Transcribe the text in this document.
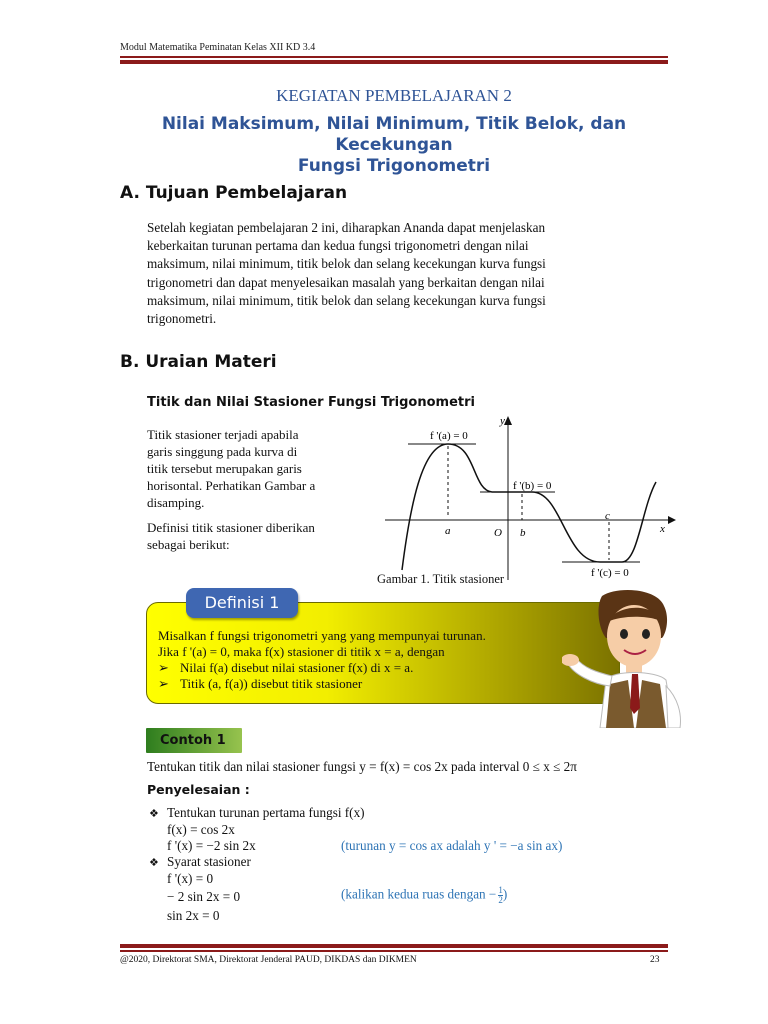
Modul Matematika Peminatan Kelas XII KD 3.4
KEGIATAN PEMBELAJARAN 2
Nilai Maksimum, Nilai Minimum, Titik Belok, dan Kecekungan
Fungsi Trigonometri
A. Tujuan Pembelajaran
Setelah kegiatan pembelajaran 2 ini, diharapkan Ananda dapat menjelaskan
keberkaitan turunan pertama dan kedua fungsi trigonometri dengan nilai
maksimum, nilai minimum, titik belok dan selang kecekungan kurva fungsi
trigonometri dan dapat menyelesaikan masalah yang berkaitan dengan nilai
maksimum, nilai minimum, titik belok dan selang kecekungan kurva fungsi
trigonometri.
B. Uraian Materi
Titik dan Nilai Stasioner Fungsi Trigonometri
Titik stasioner terjadi apabila
garis singgung pada kurva di
titik tersebut merupakan garis
horisontal. Perhatikan Gambar a
disamping.
Definisi titik stasioner diberikan
sebagai berikut:
y
x
O
a	b
c
f '(a) = 0
f '(b) = 0
f '(c) = 0
Gambar 1. Titik stasioner
Definisi 1
Misalkan f fungsi trigonometri yang yang mempunyai turunan.
Jika f '(a) = 0, maka f(x) stasioner di titik x = a, dengan
➢ Nilai f(a) disebut nilai stasioner f(x) di x = a.
➢ Titik (a, f(a)) disebut titik stasioner
Contoh 1
Tentukan titik dan nilai stasioner fungsi y = f(x) = cos 2x pada interval 0 ≤ x ≤ 2π
Penyelesaian :
❖ Tentukan turunan pertama fungsi f(x)
f(x) = cos 2x
f '(x) = −2 sin 2x	(turunan y = cos ax adalah y ' = −a sin ax)
❖ Syarat stasioner
f '(x) = 0
− 2 sin 2x = 0	(kalikan kedua ruas dengan − $\frac{1}{2}$ )
sin 2x = 0
@2020, Direktorat SMA, Direktorat Jenderal PAUD, DIKDAS dan DIKMEN	23
